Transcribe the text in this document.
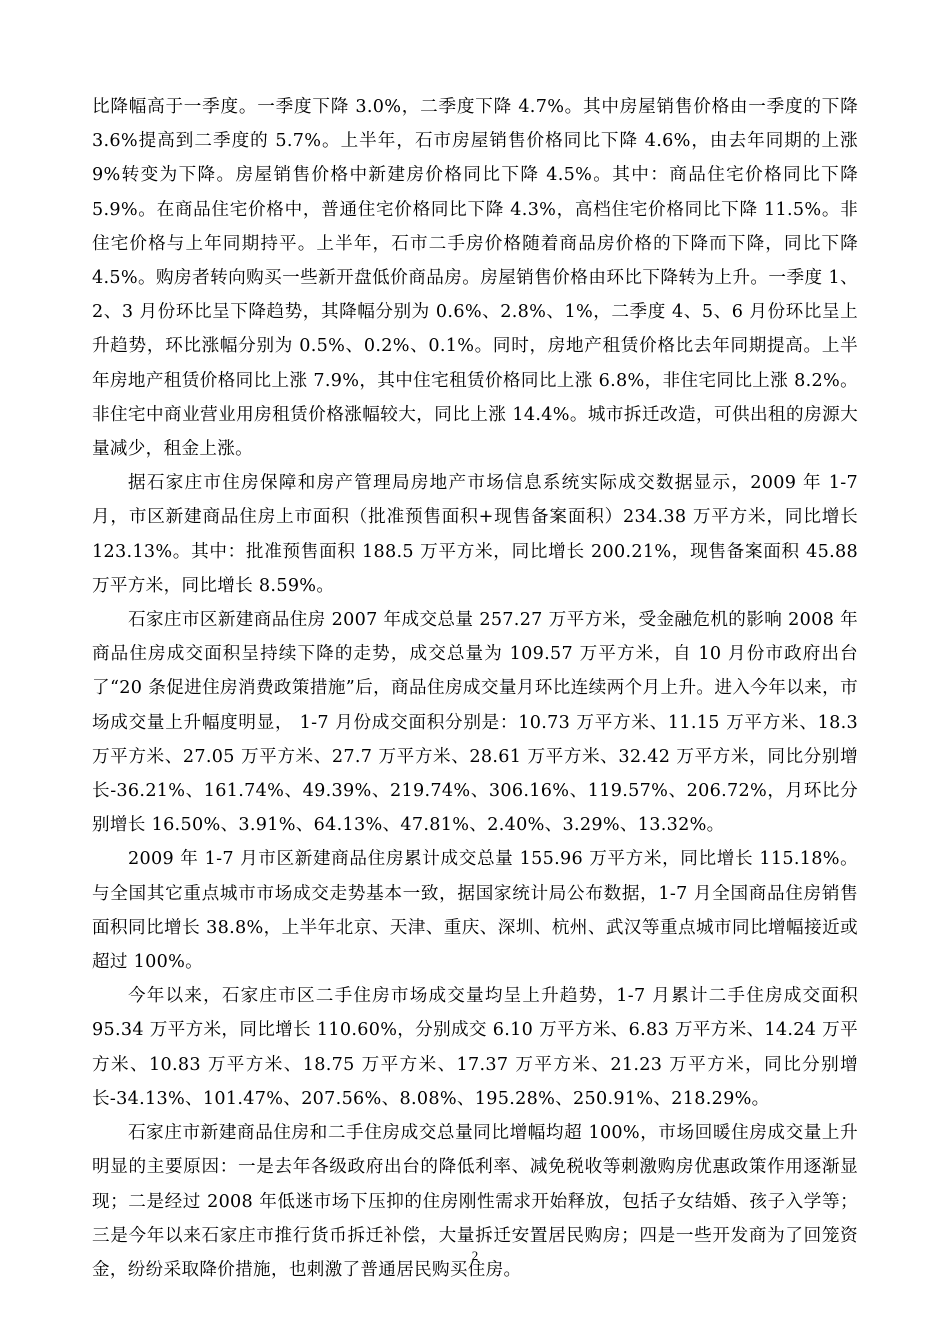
比降幅高于一季度。一季度下降 3.0%，二季度下降 4.7%。其中房屋销售价格由一季度的下降 3.6%提高到二季度的 5.7%。上半年，石市房屋销售价格同比下降 4.6%，由去年同期的上涨 9%转变为下降。房屋销售价格中新建房价格同比下降 4.5%。其中：商品住宅价格同比下降 5.9%。在商品住宅价格中，普通住宅价格同比下降 4.3%，高档住宅价格同比下降 11.5%。非住宅价格与上年同期持平。上半年，石市二手房价格随着商品房价格的下降而下降，同比下降 4.5%。购房者转向购买一些新开盘低价商品房。房屋销售价格由环比下降转为上升。一季度 1、2、3 月份环比呈下降趋势，其降幅分别为 0.6%、2.8%、1%，二季度 4、5、6 月份环比呈上升趋势，环比涨幅分别为 0.5%、0.2%、0.1%。同时，房地产租赁价格比去年同期提高。上半年房地产租赁价格同比上涨 7.9%，其中住宅租赁价格同比上涨 6.8%，非住宅同比上涨 8.2%。非住宅中商业营业用房租赁价格涨幅较大，同比上涨 14.4%。城市拆迁改造，可供出租的房源大量减少，租金上涨。

据石家庄市住房保障和房产管理局房地产市场信息系统实际成交数据显示，2009 年 1-7 月，市区新建商品住房上市面积（批准预售面积+现售备案面积）234.38 万平方米，同比增长 123.13%。其中：批准预售面积 188.5 万平方米，同比增长 200.21%，现售备案面积 45.88 万平方米，同比增长 8.59%。

石家庄市区新建商品住房 2007 年成交总量 257.27 万平方米，受金融危机的影响 2008 年商品住房成交面积呈持续下降的走势，成交总量为 109.57 万平方米，自 10 月份市政府出台了“20 条促进住房消费政策措施”后，商品住房成交量月环比连续两个月上升。进入今年以来，市场成交量上升幅度明显， 1-7 月份成交面积分别是：10.73 万平方米、11.15 万平方米、18.3 万平方米、27.05 万平方米、27.7 万平方米、28.61 万平方米、32.42 万平方米，同比分别增长-36.21%、161.74%、49.39%、219.74%、306.16%、119.57%、206.72%，月环比分别增长 16.50%、3.91%、64.13%、47.81%、2.40%、3.29%、13.32%。

2009 年 1-7 月市区新建商品住房累计成交总量 155.96 万平方米，同比增长 115.18%。与全国其它重点城市市场成交走势基本一致，据国家统计局公布数据，1-7 月全国商品住房销售面积同比增长 38.8%，上半年北京、天津、重庆、深圳、杭州、武汉等重点城市同比增幅接近或超过 100%。

今年以来，石家庄市区二手住房市场成交量均呈上升趋势，1-7 月累计二手住房成交面积 95.34 万平方米，同比增长 110.60%，分别成交 6.10 万平方米、6.83 万平方米、14.24 万平方米、10.83 万平方米、18.75 万平方米、17.37 万平方米、21.23 万平方米，同比分别增长-34.13%、101.47%、207.56%、8.08%、195.28%、250.91%、218.29%。

石家庄市新建商品住房和二手住房成交总量同比增幅均超 100%，市场回暖住房成交量上升明显的主要原因：一是去年各级政府出台的降低利率、减免税收等刺激购房优惠政策作用逐渐显现；二是经过 2008 年低迷市场下压抑的住房刚性需求开始释放，包括子女结婚、孩子入学等；三是今年以来石家庄市推行货币拆迁补偿，大量拆迁安置居民购房；四是一些开发商为了回笼资金，纷纷采取降价措施，也刺激了普通居民购买住房。

2
